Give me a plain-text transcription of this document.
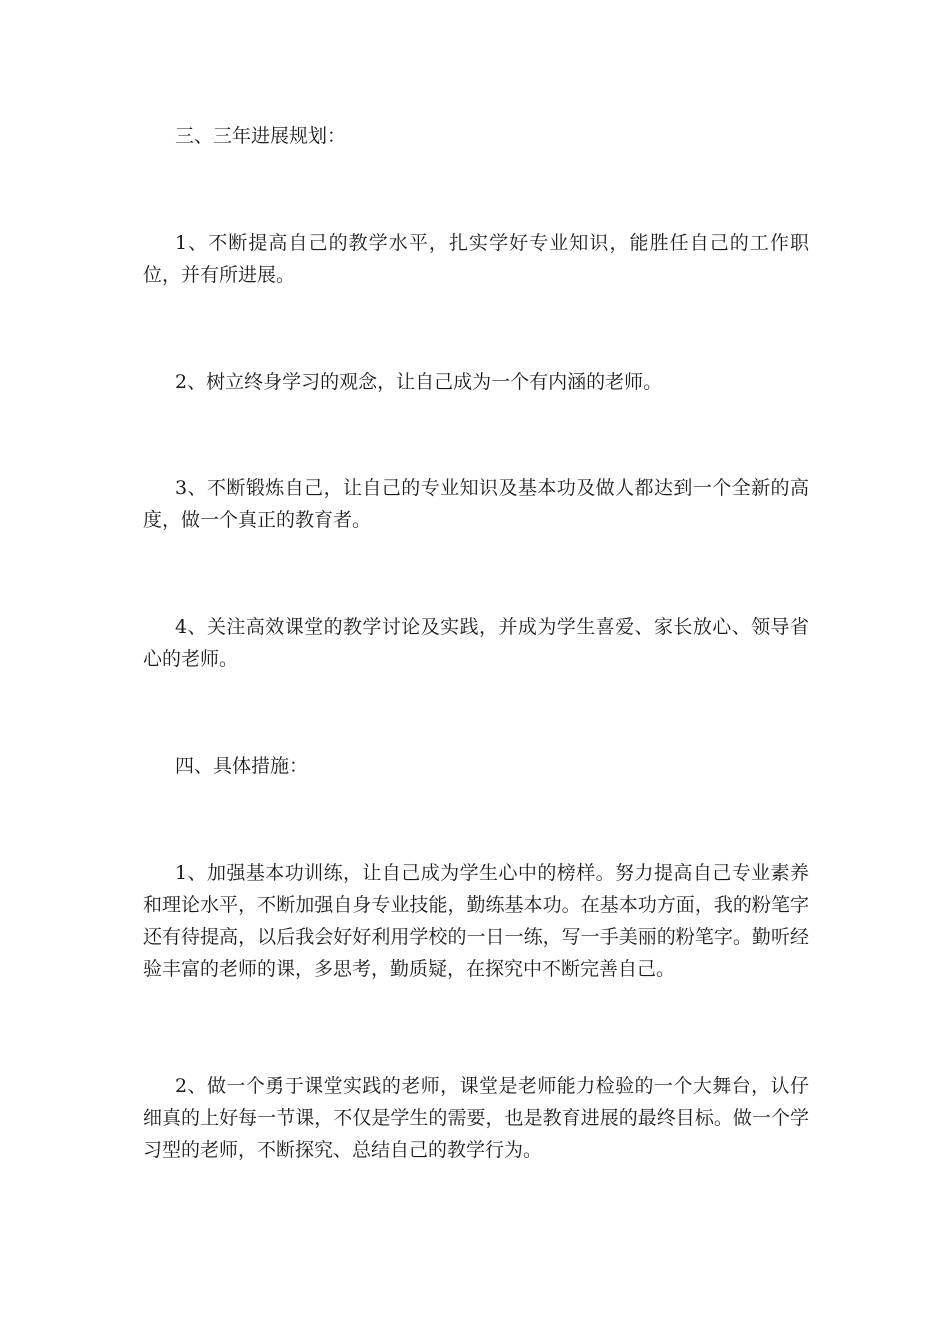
三、三年进展规划：

1、不断提高自己的教学水平，扎实学好专业知识，能胜任自己的工作职位，并有所进展。

2、树立终身学习的观念，让自己成为一个有内涵的老师。

3、不断锻炼自己，让自己的专业知识及基本功及做人都达到一个全新的高度，做一个真正的教育者。

4、关注高效课堂的教学讨论及实践，并成为学生喜爱、家长放心、领导省心的老师。

四、具体措施：

1、加强基本功训练，让自己成为学生心中的榜样。努力提高自己专业素养和理论水平，不断加强自身专业技能，勤练基本功。在基本功方面，我的粉笔字还有待提高，以后我会好好利用学校的一日一练，写一手美丽的粉笔字。勤听经验丰富的老师的课，多思考，勤质疑，在探究中不断完善自己。

2、做一个勇于课堂实践的老师，课堂是老师能力检验的一个大舞台，认仔细真的上好每一节课，不仅是学生的需要，也是教育进展的最终目标。做一个学习型的老师，不断探究、总结自己的教学行为。
